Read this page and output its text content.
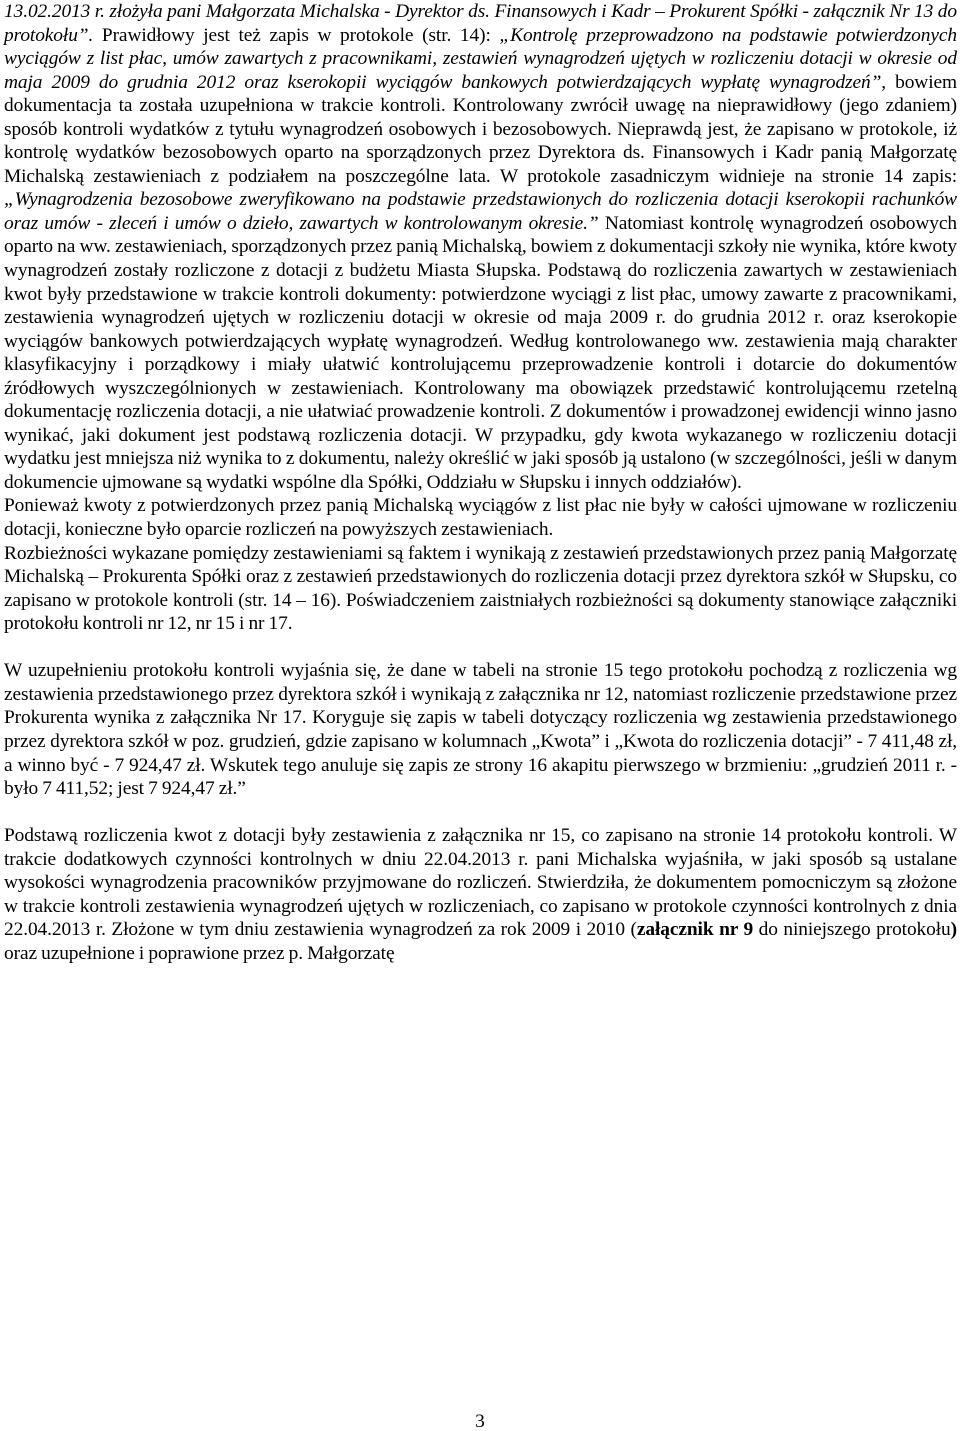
13.02.2013 r. złożyła pani Małgorzata Michalska - Dyrektor ds. Finansowych i Kadr – Prokurent Spółki - załącznik Nr 13 do protokołu”. Prawidłowy jest też zapis w protokole (str. 14): „Kontrolę przeprowadzono na podstawie potwierdzonych wyciągów z list płac, umów zawartych z pracownikami, zestawień wynagrodzeń ujętych w rozliczeniu dotacji w okresie od maja 2009 do grudnia 2012 oraz kserokopii wyciągów bankowych potwierdzających wypłatę wynagrodzeń”, bowiem dokumentacja ta została uzupełniona w trakcie kontroli. Kontrolowany zwrócił uwagę na nieprawidłowy (jego zdaniem) sposób kontroli wydatków z tytułu wynagrodzeń osobowych i bezosobowych. Nieprawdą jest, że zapisano w protokole, iż kontrolę wydatków bezosobowych oparto na sporządzonych przez Dyrektora ds. Finansowych i Kadr panią Małgorzatę Michalską zestawieniach z podziałem na poszczególne lata. W protokole zasadniczym widnieje na stronie 14 zapis: „Wynagrodzenia bezosobowe zweryfikowano na podstawie przedstawionych do rozliczenia dotacji kserokopii rachunków oraz umów - zleceń i umów o dzieło, zawartych w kontrolowanym okresie.” Natomiast kontrolę wynagrodzeń osobowych oparto na ww. zestawieniach, sporządzonych przez panią Michalską, bowiem z dokumentacji szkoły nie wynika, które kwoty wynagrodzeń zostały rozliczone z dotacji z budżetu Miasta Słupska. Podstawą do rozliczenia zawartych w zestawieniach kwot były przedstawione w trakcie kontroli dokumenty: potwierdzone wyciągi z list płac, umowy zawarte z pracownikami, zestawienia wynagrodzeń ujętych w rozliczeniu dotacji w okresie od maja 2009 r. do grudnia 2012 r. oraz kserokopie wyciągów bankowych potwierdzających wypłatę wynagrodzeń. Według kontrolowanego ww. zestawienia mają charakter klasyfikacyjny i porządkowy i miały ułatwić kontrolującemu przeprowadzenie kontroli i dotarcie do dokumentów źródłowych wyszczególnionych w zestawieniach. Kontrolowany ma obowiązek przedstawić kontrolującemu rzetelną dokumentację rozliczenia dotacji, a nie ułatwiać prowadzenie kontroli. Z dokumentów i prowadzonej ewidencji winno jasno wynikać, jaki dokument jest podstawą rozliczenia dotacji. W przypadku, gdy kwota wykazanego w rozliczeniu dotacji wydatku jest mniejsza niż wynika to z dokumentu, należy określić w jaki sposób ją ustalono (w szczególności, jeśli w danym dokumencie ujmowane są wydatki wspólne dla Spółki, Oddziału w Słupsku i innych oddziałów).
Ponieważ kwoty z potwierdzonych przez panią Michalską wyciągów z list płac nie były w całości ujmowane w rozliczeniu dotacji, konieczne było oparcie rozliczeń na powyższych zestawieniach.
Rozbieżności wykazane pomiędzy zestawieniami są faktem i wynikają z zestawień przedstawionych przez panią Małgorzatę Michalską – Prokurenta Spółki oraz z zestawień przedstawionych do rozliczenia dotacji przez dyrektora szkół w Słupsku, co zapisano w protokole kontroli (str. 14 – 16). Poświadczeniem zaistniałych rozbieżności są dokumenty stanowiące załączniki protokołu kontroli nr 12, nr 15 i nr 17.
W uzupełnieniu protokołu kontroli wyjaśnia się, że dane w tabeli na stronie 15 tego protokołu pochodzą z rozliczenia wg zestawienia przedstawionego przez dyrektora szkół i wynikają z załącznika nr 12, natomiast rozliczenie przedstawione przez Prokurenta wynika z załącznika Nr 17. Koryguje się zapis w tabeli dotyczący rozliczenia wg zestawienia przedstawionego przez dyrektora szkół w poz. grudzień, gdzie zapisano w kolumnach „Kwota” i „Kwota do rozliczenia dotacji” - 7 411,48 zł, a winno być - 7 924,47 zł. Wskutek tego anuluje się zapis ze strony 16 akapitu pierwszego w brzmieniu: „grudzień 2011 r. - było 7 411,52; jest 7 924,47 zł.”
Podstawą rozliczenia kwot z dotacji były zestawienia z załącznika nr 15, co zapisano na stronie 14 protokołu kontroli. W trakcie dodatkowych czynności kontrolnych w dniu 22.04.2013 r. pani Michalska wyjaśniła, w jaki sposób są ustalane wysokości wynagrodzenia pracowników przyjmowane do rozliczeń. Stwierdziła, że dokumentem pomocniczym są złożone w trakcie kontroli zestawienia wynagrodzeń ujętych w rozliczeniach, co zapisano w protokole czynności kontrolnych z dnia 22.04.2013 r. Złożone w tym dniu zestawienia wynagrodzeń za rok 2009 i 2010 (załącznik nr 9 do niniejszego protokołu) oraz uzupełnione i poprawione przez p. Małgorzatę
3
